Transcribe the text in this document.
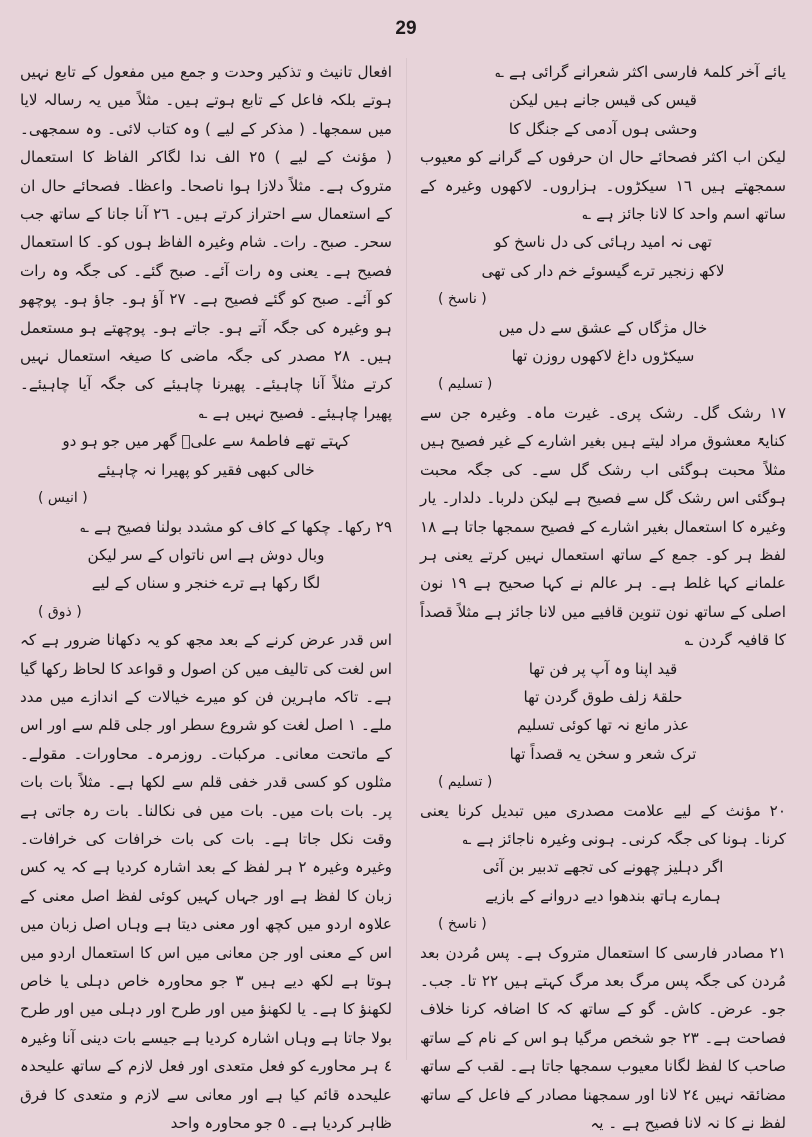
29

یائے آخر کلمۂ فارسی اکثر شعرانے گرائی ہے ؎

قیس کی قیس جانے ہیں لیکن

وحشی ہوں آدمی کے جنگل کا

لیکن اب اکثر فصحائے حال ان حرفوں کے گرانے کو معیوب سمجھتے ہیں ١٦ سیکڑوں۔ ہزاروں۔ لاکھوں وغیرہ کے ساتھ اسم واحد کا لانا جائز ہے ؎

تھی نہ امید رہائی کی دل ناسخ کو

لاکھ زنجیر ترے گیسوئے خم دار کی تھی

( ناسخ )

خال مژگاں کے عشق سے دل میں

سیکڑوں داغ لاکھوں روزن تھا

( تسلیم )

١٧ رشک گل۔ رشک پری۔ غیرت ماہ۔ وغیرہ جن سے کنایۃً معشوق مراد لیتے ہیں بغیر اشارے کے غیر فصیح ہیں مثلاً محبت ہوگئی اب رشک گل سے۔ کی جگہ محبت ہوگئی اس رشک گل سے فصیح ہے لیکن دلربا۔ دلدار۔ یار وغیرہ کا استعمال بغیر اشارے کے فصیح سمجھا جاتا ہے ١٨ لفظ ہر کو۔ جمع کے ساتھ استعمال نہیں کرتے یعنی ہر علمانے کہا غلط ہے۔ ہر عالم نے کہا صحیح ہے ١٩ نون اصلی کے ساتھ نون تنوین قافیے میں لانا جائز ہے مثلاً قصداً کا قافیہ گردن ؎

قید اپنا وہ آپ پر فن تھا

حلقۂ زلف طوق گردن تھا

عذر مانع نہ تھا کوئی تسلیم

ترک شعر و سخن یہ قصداً تھا

( تسلیم )

٢٠ مؤنث کے لیے علامت مصدری میں تبدیل کرنا یعنی کرنا۔ ہونا کی جگہ کرنی۔ ہونی وغیرہ ناجائز ہے ؎

اگر دہلیز چھونے کی تجھے تدبیر بن آئی

ہمارے ہاتھ بندھوا دیے دروانے کے بازیے

( ناسخ )

٢١ مصادر فارسی کا استعمال متروک ہے۔ پس مُردن بعد مُردن کی جگہ پس مرگ بعد مرگ کہتے ہیں ٢٢ تا۔ جب۔ جو۔ عرض۔ کاش۔ گو کے ساتھ کہ کا اضافہ کرنا خلاف فصاحت ہے۔ ٢٣ جو شخص مرگیا ہو اس کے نام کے ساتھ صاحب کا لفظ لگانا معیوب سمجھا جاتا ہے۔ لقب کے ساتھ مضائقہ نہیں ٢٤ لانا اور سمجھنا مصادر کے فاعل کے ساتھ لفظ نے کا نہ لانا فصیح ہے ۔ یہ

افعال تانیث و تذکیر وحدت و جمع میں مفعول کے تابع نہیں ہوتے بلکہ فاعل کے تابع ہوتے ہیں۔ مثلاً میں یہ رسالہ لایا میں سمجھا۔ ( مذکر کے لیے ) وہ کتاب لائی۔ وہ سمجھی۔ ( مؤنث کے لیے ) ٢٥ الف ندا لگاکر الفاظ کا استعمال متروک ہے۔ مثلاً دلازا ہوا ناصحا۔ واعظا۔ فصحائے حال ان کے استعمال سے احتراز کرتے ہیں۔ ٢٦ آنا جانا کے ساتھ جب سحر۔ صبح۔ رات۔ شام وغیرہ الفاظ ہوں کو۔ کا استعمال فصیح ہے۔ یعنی وہ رات آئے۔ صبح گئے۔ کی جگہ وہ رات کو آئے۔ صبح کو گئے فصیح ہے۔ ٢٧ آؤ ہو۔ جاؤ ہو۔ پوچھو ہو وغیرہ کی جگہ آتے ہو۔ جاتے ہو۔ پوچھتے ہو مستعمل ہیں۔ ٢٨ مصدر کی جگہ ماضی کا صیغہ استعمال نہیں کرتے مثلاً آنا چاہیئے۔ پھیرنا چاہیئے کی جگہ آیا چاہیئے۔ پھیرا چاہیئے۔ فصیح نہیں ہے ؎

کہتے تھے فاطمۂ سے علیؑ گھر میں جو ہو دو

خالی کبھی فقیر کو پھیرا نہ چاہیئے

( انیس )

٢٩ رکھا۔ چکھا کے کاف کو مشدد بولنا فصیح ہے ؎

وبال دوش ہے اس ناتواں کے سر لیکن

لگا رکھا ہے ترے خنجر و سناں کے لیے

( ذوق )

اس قدر عرض کرنے کے بعد مجھ کو یہ دکھانا ضرور ہے کہ اس لغت کی تالیف میں کن اصول و قواعد کا لحاظ رکھا گیا ہے۔ تاکہ ماہرین فن کو میرے خیالات کے اندازے میں مدد ملے۔ ١ اصل لغت کو شروع سطر اور جلی قلم سے اور اس کے ماتحت معانی۔ مرکبات۔ روزمرہ۔ محاورات۔ مقولے۔ مثلوں کو کسی قدر خفی قلم سے لکھا ہے۔ مثلاً بات بات پر۔ بات بات میں۔ بات میں فی نکالنا۔ بات رہ جاتی ہے وقت نکل جاتا ہے۔ بات کی بات خرافات کی خرافات۔ وغیرہ وغیرہ ٢ ہر لفظ کے بعد اشارہ کردیا ہے کہ یہ کس زبان کا لفظ ہے اور جہاں کہیں کوئی لفظ اصل معنی کے علاوہ اردو میں کچھ اور معنی دیتا ہے وہاں اصل زبان میں اس کے معنی اور جن معانی میں اس کا استعمال اردو میں ہوتا ہے لکھ دیے ہیں ٣ جو محاورہ خاص دہلی یا خاص لکھنؤ کا ہے۔ یا لکھنؤ میں اور طرح اور دہلی میں اور طرح بولا جاتا ہے وہاں اشارہ کردیا ہے جیسے بات دینی آنا وغیرہ ٤ ہر محاورے کو فعل متعدی اور فعل لازم کے ساتھ علیحدہ علیحدہ قائم کیا ہے اور معانی سے لازم و متعدی کا فرق ظاہر کردیا ہے۔ ٥ جو محاورہ واحد
